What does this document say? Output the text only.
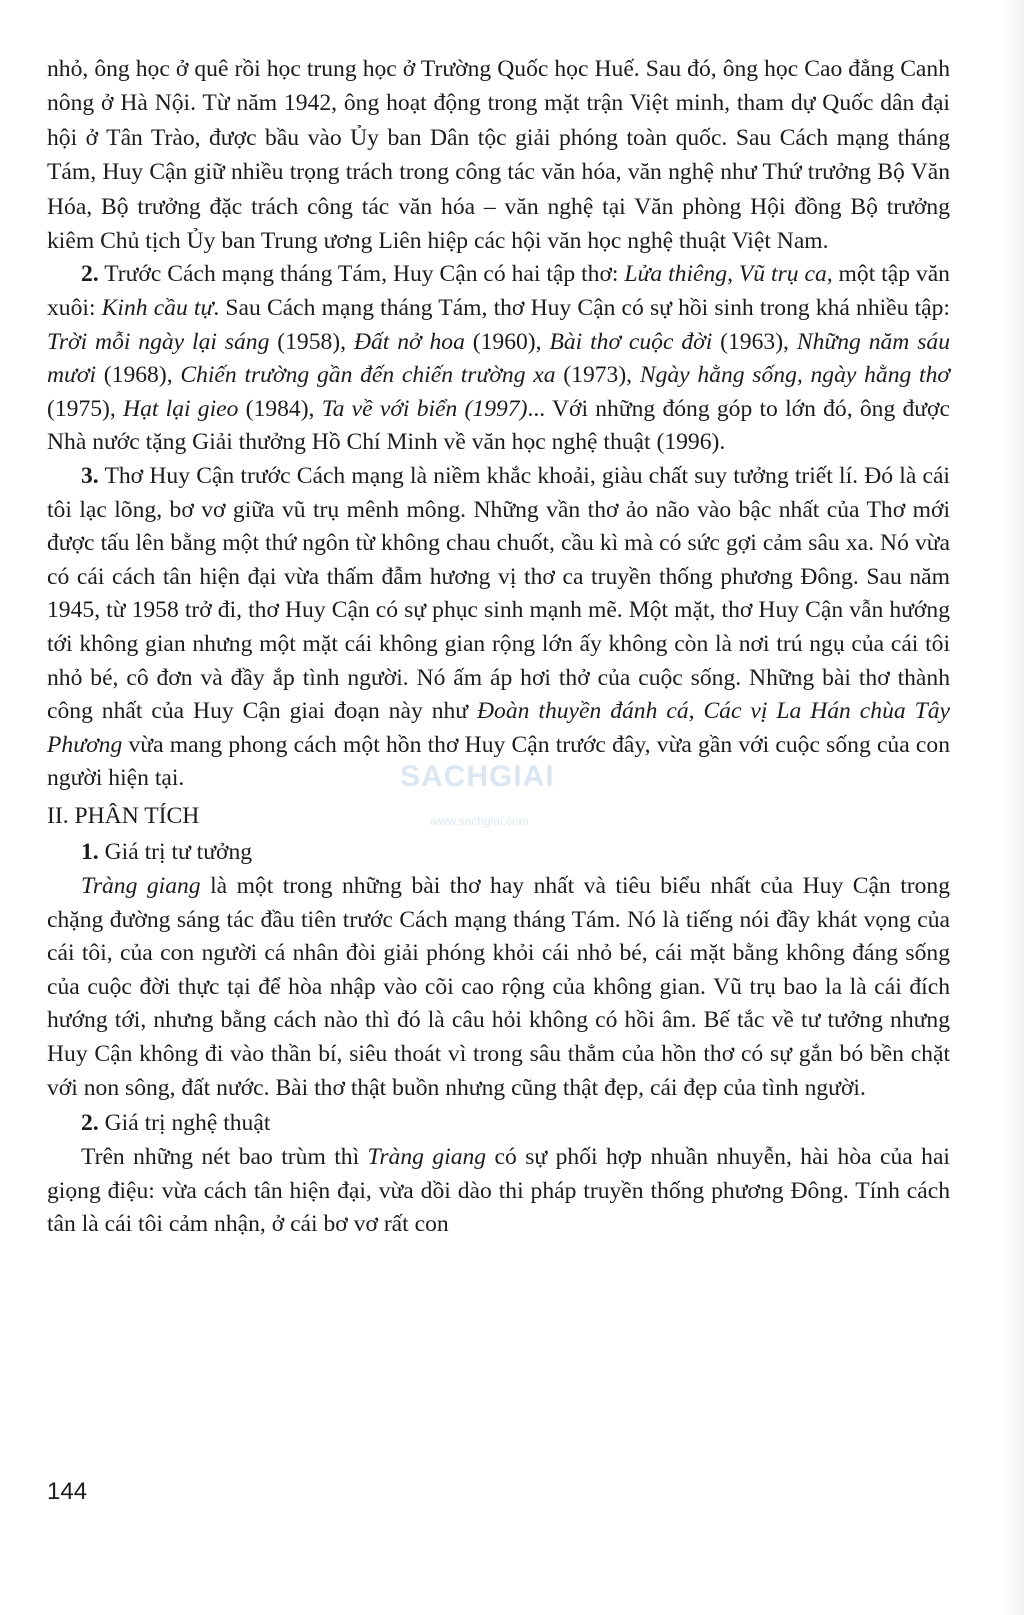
nhỏ, ông học ở quê rồi học trung học ở Trường Quốc học Huế. Sau đó, ông học Cao đẳng Canh nông ở Hà Nội. Từ năm 1942, ông hoạt động trong mặt trận Việt minh, tham dự Quốc dân đại hội ở Tân Trào, được bầu vào Ủy ban Dân tộc giải phóng toàn quốc. Sau Cách mạng tháng Tám, Huy Cận giữ nhiều trọng trách trong công tác văn hóa, văn nghệ như Thứ trưởng Bộ Văn Hóa, Bộ trưởng đặc trách công tác văn hóa – văn nghệ tại Văn phòng Hội đồng Bộ trưởng kiêm Chủ tịch Ủy ban Trung ương Liên hiệp các hội văn học nghệ thuật Việt Nam.

2. Trước Cách mạng tháng Tám, Huy Cận có hai tập thơ: Lửa thiêng, Vũ trụ ca, một tập văn xuôi: Kinh cầu tự. Sau Cách mạng tháng Tám, thơ Huy Cận có sự hồi sinh trong khá nhiều tập: Trời mỗi ngày lại sáng (1958), Đất nở hoa (1960), Bài thơ cuộc đời (1963), Những năm sáu mươi (1968), Chiến trường gần đến chiến trường xa (1973), Ngày hằng sống, ngày hằng thơ (1975), Hạt lại gieo (1984), Ta về với biển (1997)... Với những đóng góp to lớn đó, ông được Nhà nước tặng Giải thưởng Hồ Chí Minh về văn học nghệ thuật (1996).

3. Thơ Huy Cận trước Cách mạng là niềm khắc khoải, giàu chất suy tưởng triết lí. Đó là cái tôi lạc lõng, bơ vơ giữa vũ trụ mênh mông. Những vần thơ ảo não vào bậc nhất của Thơ mới được tấu lên bằng một thứ ngôn từ không chau chuốt, cầu kì mà có sức gợi cảm sâu xa. Nó vừa có cái cách tân hiện đại vừa thấm đẫm hương vị thơ ca truyền thống phương Đông. Sau năm 1945, từ 1958 trở đi, thơ Huy Cận có sự phục sinh mạnh mẽ. Một mặt, thơ Huy Cận vẫn hướng tới không gian nhưng một mặt cái không gian rộng lớn ấy không còn là nơi trú ngụ của cái tôi nhỏ bé, cô đơn và đầy ắp tình người. Nó ấm áp hơi thở của cuộc sống. Những bài thơ thành công nhất của Huy Cận giai đoạn này như Đoàn thuyền đánh cá, Các vị La Hán chùa Tây Phương vừa mang phong cách một hồn thơ Huy Cận trước đây, vừa gần với cuộc sống của con người hiện tại.

II. PHÂN TÍCH

1. Giá trị tư tưởng

Tràng giang là một trong những bài thơ hay nhất và tiêu biểu nhất của Huy Cận trong chặng đường sáng tác đầu tiên trước Cách mạng tháng Tám. Nó là tiếng nói đầy khát vọng của cái tôi, của con người cá nhân đòi giải phóng khỏi cái nhỏ bé, cái mặt bằng không đáng sống của cuộc đời thực tại để hòa nhập vào cõi cao rộng của không gian. Vũ trụ bao la là cái đích hướng tới, nhưng bằng cách nào thì đó là câu hỏi không có hồi âm. Bế tắc về tư tưởng nhưng Huy Cận không đi vào thần bí, siêu thoát vì trong sâu thẳm của hồn thơ có sự gắn bó bền chặt với non sông, đất nước. Bài thơ thật buồn nhưng cũng thật đẹp, cái đẹp của tình người.

2. Giá trị nghệ thuật

Trên những nét bao trùm thì Tràng giang có sự phối hợp nhuần nhuyễn, hài hòa của hai giọng điệu: vừa cách tân hiện đại, vừa dồi dào thi pháp truyền thống phương Đông. Tính cách tân là cái tôi cảm nhận, ở cái bơ vơ rất con

SACHGIAI
www.sachgiai.com
144
